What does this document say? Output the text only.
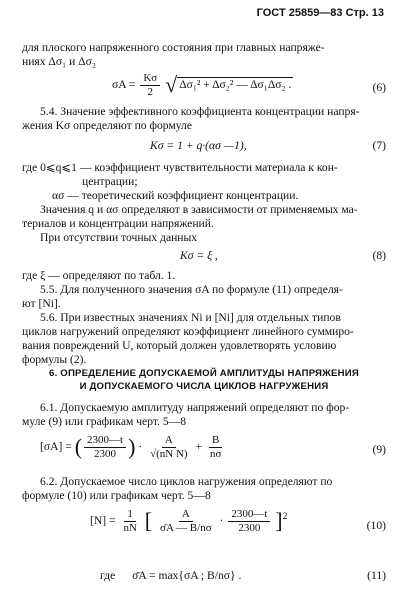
ГОСТ 25859—83 Стр. 13
для плоского напряженного состояния при главных напряже-
ниях Δσ₁ и Δσ₂
$\sigma A = \frac{K\sigma}{2}$ √ Δσ₁² + Δσ₂² — Δσ₁Δσ₂ .	(6)
5.4. Значение эффективного коэффициента концентрации напря-
жения Kσ определяют по формуле
Kσ = 1 + q·(ασ —1),	(7)
где 0⩽q⩽1 — коэффициент чувствительности материала к кон-
центрации;
ασ — теоретический коэффициент концентрации.
Значения q и ασ определяют в зависимости от применяемых ма-
териалов и концентрации напряжений.
При отсутствии точных данных
Kσ = ξ ,	(8)
где ξ — определяют по табл. 1.
5.5. Для полученного значения σA по формуле (11) определя-
ют [Ni].
5.6. При известных значениях Ni и [Ni] для отдельных типов
циклов нагружений определяют коэффициент линейного суммиро-
вания повреждений U, который должен удовлетворять условию
формулы (2).
6. ОПРЕДЕЛЕНИЕ ДОПУСКАЕМОЙ АМПЛИТУДЫ НАПРЯЖЕНИЯ
И ДОПУСКАЕМОГО ЧИСЛА ЦИКЛОВ НАГРУЖЕНИЯ
6.1. Допускаемую амплитуду напряжений определяют по фор-
муле (9) или графикам черт. 5—8
[σA] = ( $\frac{2300—t}{2300}$ ) · $\frac{A}{\text{√(nN N)}} + \frac{B}{n\sigma}$	(9)
6.2. Допускаемое число циклов нагружения определяют по
формуле (10) или графикам черт. 5—8
$[N] = \frac{1}{nN}$ [ $\frac{A}{\sigmāA — B/n\sigma} \cdot \frac{2300—t}{2300} ]^2$
(10)
где σ̄A = max{σA ; B/nσ} .	(11)
